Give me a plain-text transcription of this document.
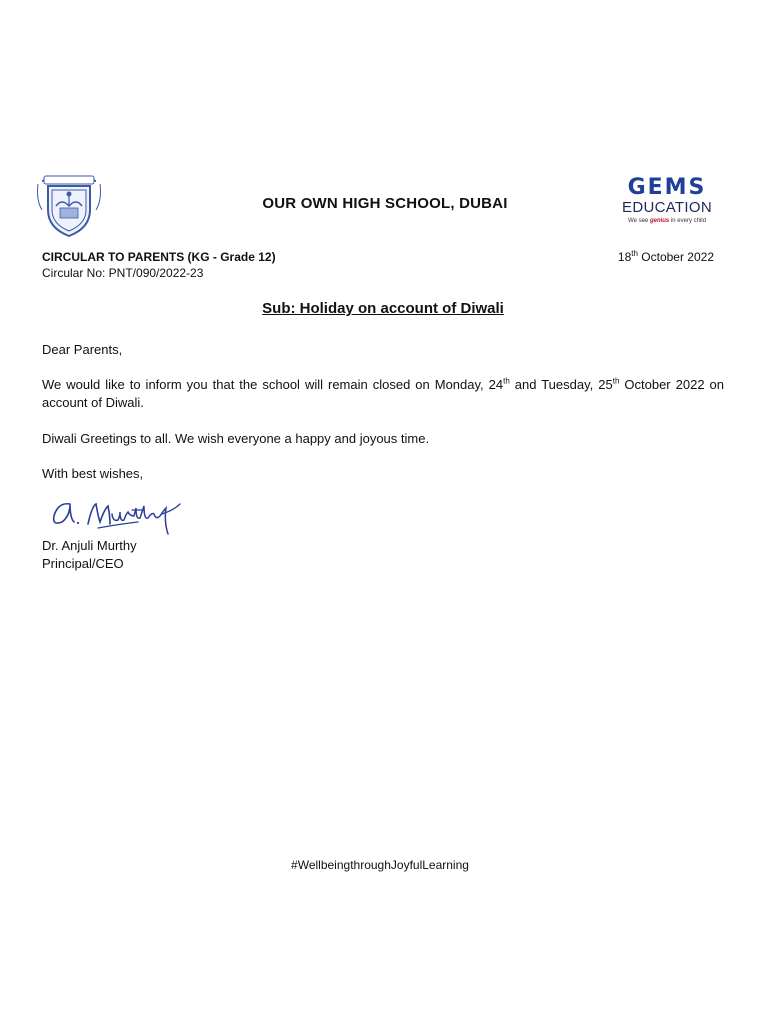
OUR OWN HIGH SCHOOL, DUBAI
GEMS
EDUCATION
We see genius in every child
CIRCULAR TO PARENTS (KG - Grade 12)
Circular No: PNT/090/2022-23
18th October 2022
Sub: Holiday on account of Diwali
Dear Parents,
We would like to inform you that the school will remain closed on Monday, 24th and Tuesday, 25th October 2022 on account of Diwali.
Diwali Greetings to all. We wish everyone a happy and joyous time.
With best wishes,
Dr. Anjuli Murthy
Principal/CEO
#WellbeingthroughJoyfulLearning
